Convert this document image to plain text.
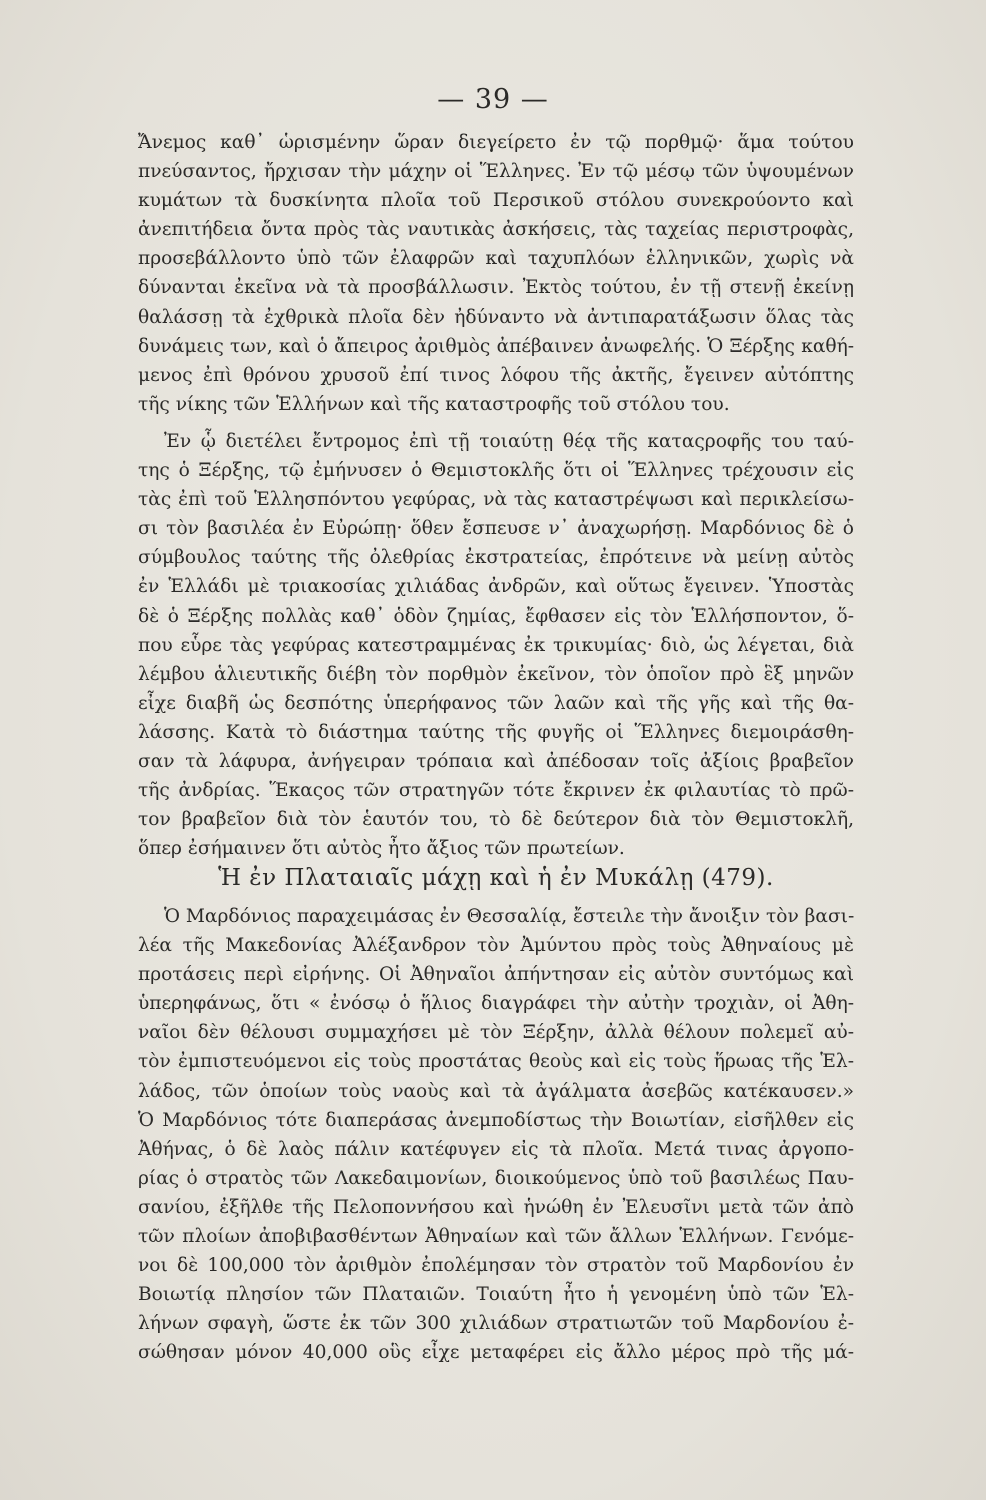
— 39 —
Ἄνεμος καθ᾿ ὡρισμένην ὥραν διεγείρετο ἐν τῷ πορθμῷ· ἅμα τούτου
πνεύσαντος, ἤρχισαν τὴν μάχην οἱ Ἕλληνες. Ἐν τῷ μέσῳ τῶν ὑψουμένων
κυμάτων τὰ δυσκίνητα πλοῖα τοῦ Περσικοῦ στόλου συνεκρούοντο καὶ
ἀνεπιτήδεια ὄντα πρὸς τὰς ναυτικὰς ἀσκήσεις, τὰς ταχείας περιστροφὰς,
προσεβάλλοντο ὑπὸ τῶν ἐλαφρῶν καὶ ταχυπλόων ἑλληνικῶν, χωρὶς νὰ
δύνανται ἐκεῖνα νὰ τὰ προσβάλλωσιν. Ἐκτὸς τούτου, ἐν τῇ στενῇ ἐκείνῃ
θαλάσσῃ τὰ ἐχθρικὰ πλοῖα δὲν ἠδύναντο νὰ ἀντιπαρατάξωσιν ὅλας τὰς
δυνάμεις των, καὶ ὁ ἄπειρος ἀριθμὸς ἀπέβαινεν ἀνωφελής. Ὁ Ξέρξης καθή-
μενος ἐπὶ θρόνου χρυσοῦ ἐπί τινος λόφου τῆς ἀκτῆς, ἔγεινεν αὐτόπτης
τῆς νίκης τῶν Ἑλλήνων καὶ τῆς καταστροφῆς τοῦ στόλου του.
Ἐν ᾧ διετέλει ἔντρομος ἐπὶ τῇ τοιαύτῃ θέᾳ τῆς καταςροφῆς του ταύ-
της ὁ Ξέρξης, τῷ ἐμήνυσεν ὁ Θεμιστοκλῆς ὅτι οἱ Ἕλληνες τρέχουσιν εἰς
τὰς ἐπὶ τοῦ Ἑλλησπόντου γεφύρας, νὰ τὰς καταστρέψωσι καὶ περικλείσω-
σι τὸν βασιλέα ἐν Εὐρώπῃ· ὅθεν ἔσπευσε ν᾿ ἀναχωρήσῃ. Μαρδόνιος δὲ ὁ
σύμβουλος ταύτης τῆς ὀλεθρίας ἐκστρατείας, ἐπρότεινε νὰ μείνῃ αὐτὸς
ἐν Ἑλλάδι μὲ τριακοσίας χιλιάδας ἀνδρῶν, καὶ οὕτως ἔγεινεν. Ὑποστὰς
δὲ ὁ Ξέρξης πολλὰς καθ᾿ ὁδὸν ζημίας, ἔφθασεν εἰς τὸν Ἑλλήσποντον, ὅ-
που εὗρε τὰς γεφύρας κατεστραμμένας ἐκ τρικυμίας· διὸ, ὡς λέγεται, διὰ
λέμβου ἁλιευτικῆς διέβη τὸν πορθμὸν ἐκεῖνον, τὸν ὁποῖον πρὸ ἓξ μηνῶν
εἶχε διαβῆ ὡς δεσπότης ὑπερήφανος τῶν λαῶν καὶ τῆς γῆς καὶ τῆς θα-
λάσσης. Κατὰ τὸ διάστημα ταύτης τῆς φυγῆς οἱ Ἕλληνες διεμοιράσθη-
σαν τὰ λάφυρα, ἀνήγειραν τρόπαια καὶ ἀπέδοσαν τοῖς ἀξίοις βραβεῖον
τῆς ἀνδρίας. Ἕκαςος τῶν στρατηγῶν τότε ἔκρινεν ἐκ φιλαυτίας τὸ πρῶ-
τον βραβεῖον διὰ τὸν ἑαυτόν του, τὸ δὲ δεύτερον διὰ τὸν Θεμιστοκλῆ,
ὅπερ ἐσήμαινεν ὅτι αὐτὸς ἦτο ἄξιος τῶν πρωτείων.
Ἡ ἐν Πλαταιαῖς μάχῃ καὶ ἡ ἐν Μυκάλῃ (479).
Ὁ Μαρδόνιος παραχειμάσας ἐν Θεσσαλίᾳ, ἔστειλε τὴν ἄνοιξιν τὸν βασι-
λέα τῆς Μακεδονίας Ἀλέξανδρον τὸν Ἀμύντου πρὸς τοὺς Ἀθηναίους μὲ
προτάσεις περὶ εἰρήνης. Οἱ Ἀθηναῖοι ἀπήντησαν εἰς αὐτὸν συντόμως καὶ
ὑπερηφάνως, ὅτι « ἐνόσῳ ὁ ἥλιος διαγράφει τὴν αὐτὴν τροχιὰν, οἱ Ἀθη-
ναῖοι δὲν θέλουσι συμμαχήσει μὲ τὸν Ξέρξην, ἀλλὰ θέλουν πολεμεῖ αὐ-
τὸν ἐμπιστευόμενοι εἰς τοὺς προστάτας θεοὺς καὶ εἰς τοὺς ἥρωας τῆς Ἑλ-
λάδος, τῶν ὁποίων τοὺς ναοὺς καὶ τὰ ἀγάλματα ἀσεβῶς κατέκαυσεν.»
Ὁ Μαρδόνιος τότε διαπεράσας ἀνεμποδίστως τὴν Βοιωτίαν, εἰσῆλθεν εἰς
Ἀθήνας, ὁ δὲ λαὸς πάλιν κατέφυγεν εἰς τὰ πλοῖα. Μετά τινας ἀργοπο-
ρίας ὁ στρατὸς τῶν Λακεδαιμονίων, διοικούμενος ὑπὸ τοῦ βασιλέως Παυ-
σανίου, ἐξῆλθε τῆς Πελοποννήσου καὶ ἡνώθη ἐν Ἐλευσῖνι μετὰ τῶν ἀπὸ
τῶν πλοίων ἀποβιβασθέντων Ἀθηναίων καὶ τῶν ἄλλων Ἑλλήνων. Γενόμε-
νοι δὲ 100,000 τὸν ἀριθμὸν ἐπολέμησαν τὸν στρατὸν τοῦ Μαρδονίου ἐν
Βοιωτίᾳ πλησίον τῶν Πλαταιῶν. Τοιαύτη ἦτο ἡ γενομένη ὑπὸ τῶν Ἑλ-
λήνων σφαγὴ, ὥστε ἐκ τῶν 300 χιλιάδων στρατιωτῶν τοῦ Μαρδονίου ἐ-
σώθησαν μόνον 40,000 οὓς εἶχε μεταφέρει εἰς ἄλλο μέρος πρὸ τῆς μά-
